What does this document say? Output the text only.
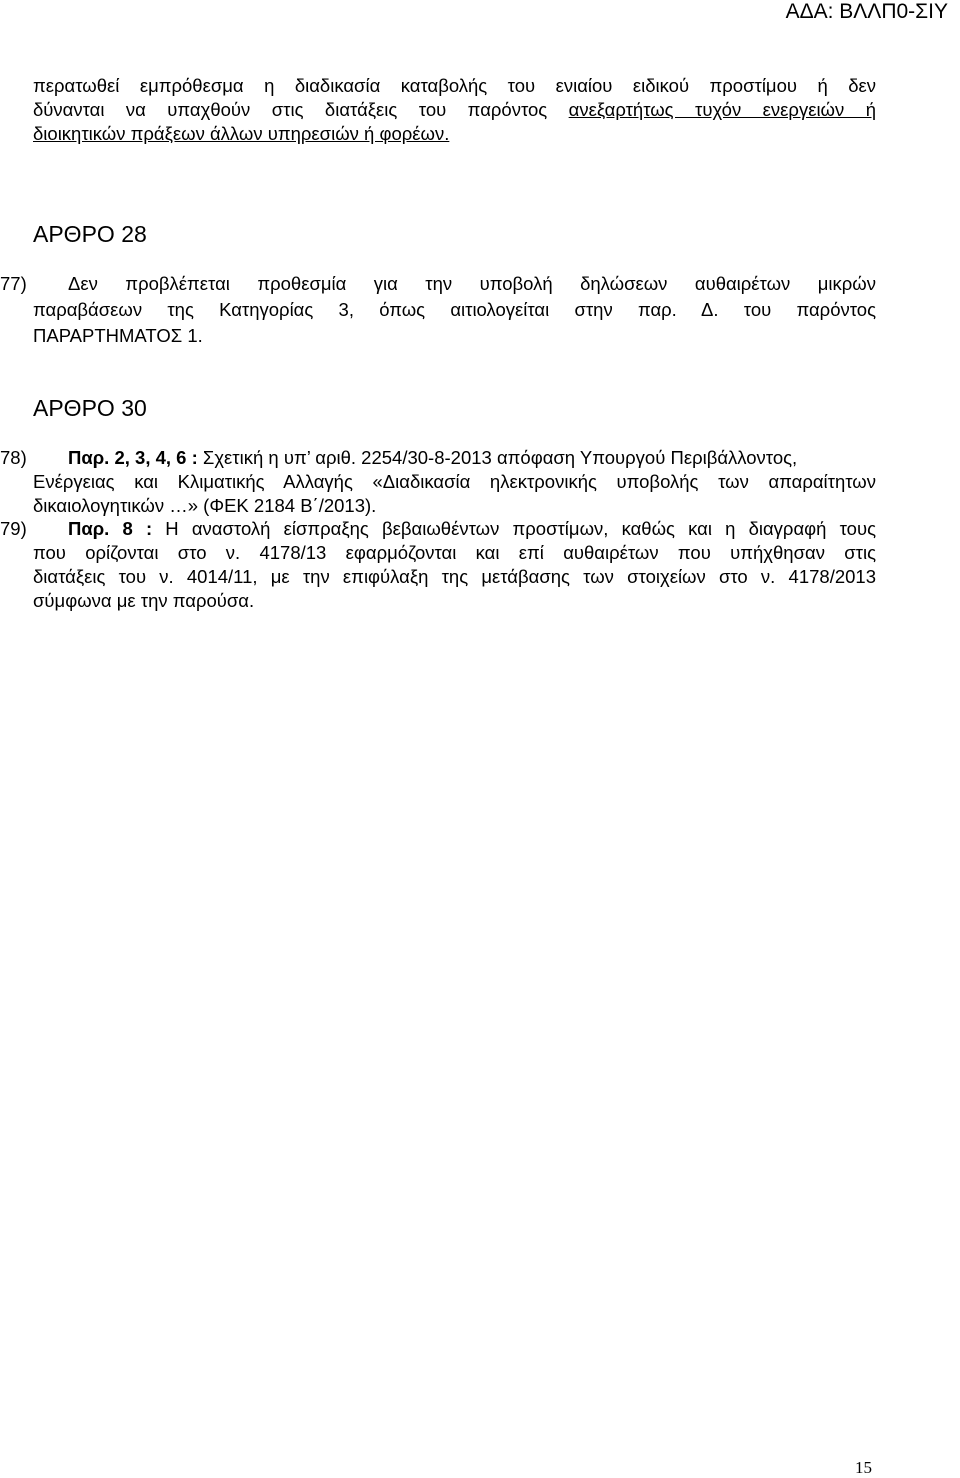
ΑΔΑ: ΒΛΛΠ0-ΣΙΥ
περατωθεί εμπρόθεσμα η διαδικασία καταβολής του ενιαίου ειδικού προστίμου ή δεν
δύνανται να υπαχθούν στις διατάξεις του παρόντος ανεξαρτήτως τυχόν ενεργειών ή
διοικητικών πράξεων άλλων υπηρεσιών ή φορέων.
ΑΡΘΡΟ 28
77) Δεν προβλέπεται προθεσμία για την υποβολή δηλώσεων αυθαιρέτων μικρών
παραβάσεων της Κατηγορίας 3, όπως αιτιολογείται στην παρ. Δ. του παρόντος
ΠΑΡΑΡΤΗΜΑΤΟΣ 1.
ΑΡΘΡΟ 30
78) Παρ. 2, 3, 4, 6 : Σχετική η υπ’ αριθ. 2254/30-8-2013 απόφαση Υπουργού Περιβάλλοντος,
Ενέργειας και Κλιματικής Αλλαγής «Διαδικασία ηλεκτρονικής υποβολής των απαραίτητων
δικαιολογητικών …» (ΦΕΚ 2184 Β΄/2013).
79) Παρ. 8 : Η αναστολή είσπραξης βεβαιωθέντων προστίμων, καθώς και η διαγραφή τους
που ορίζονται στο ν. 4178/13 εφαρμόζονται και επί αυθαιρέτων που υπήχθησαν στις
διατάξεις του ν. 4014/11, με την επιφύλαξη της μετάβασης των στοιχείων στο ν. 4178/2013
σύμφωνα με την παρούσα.
15
